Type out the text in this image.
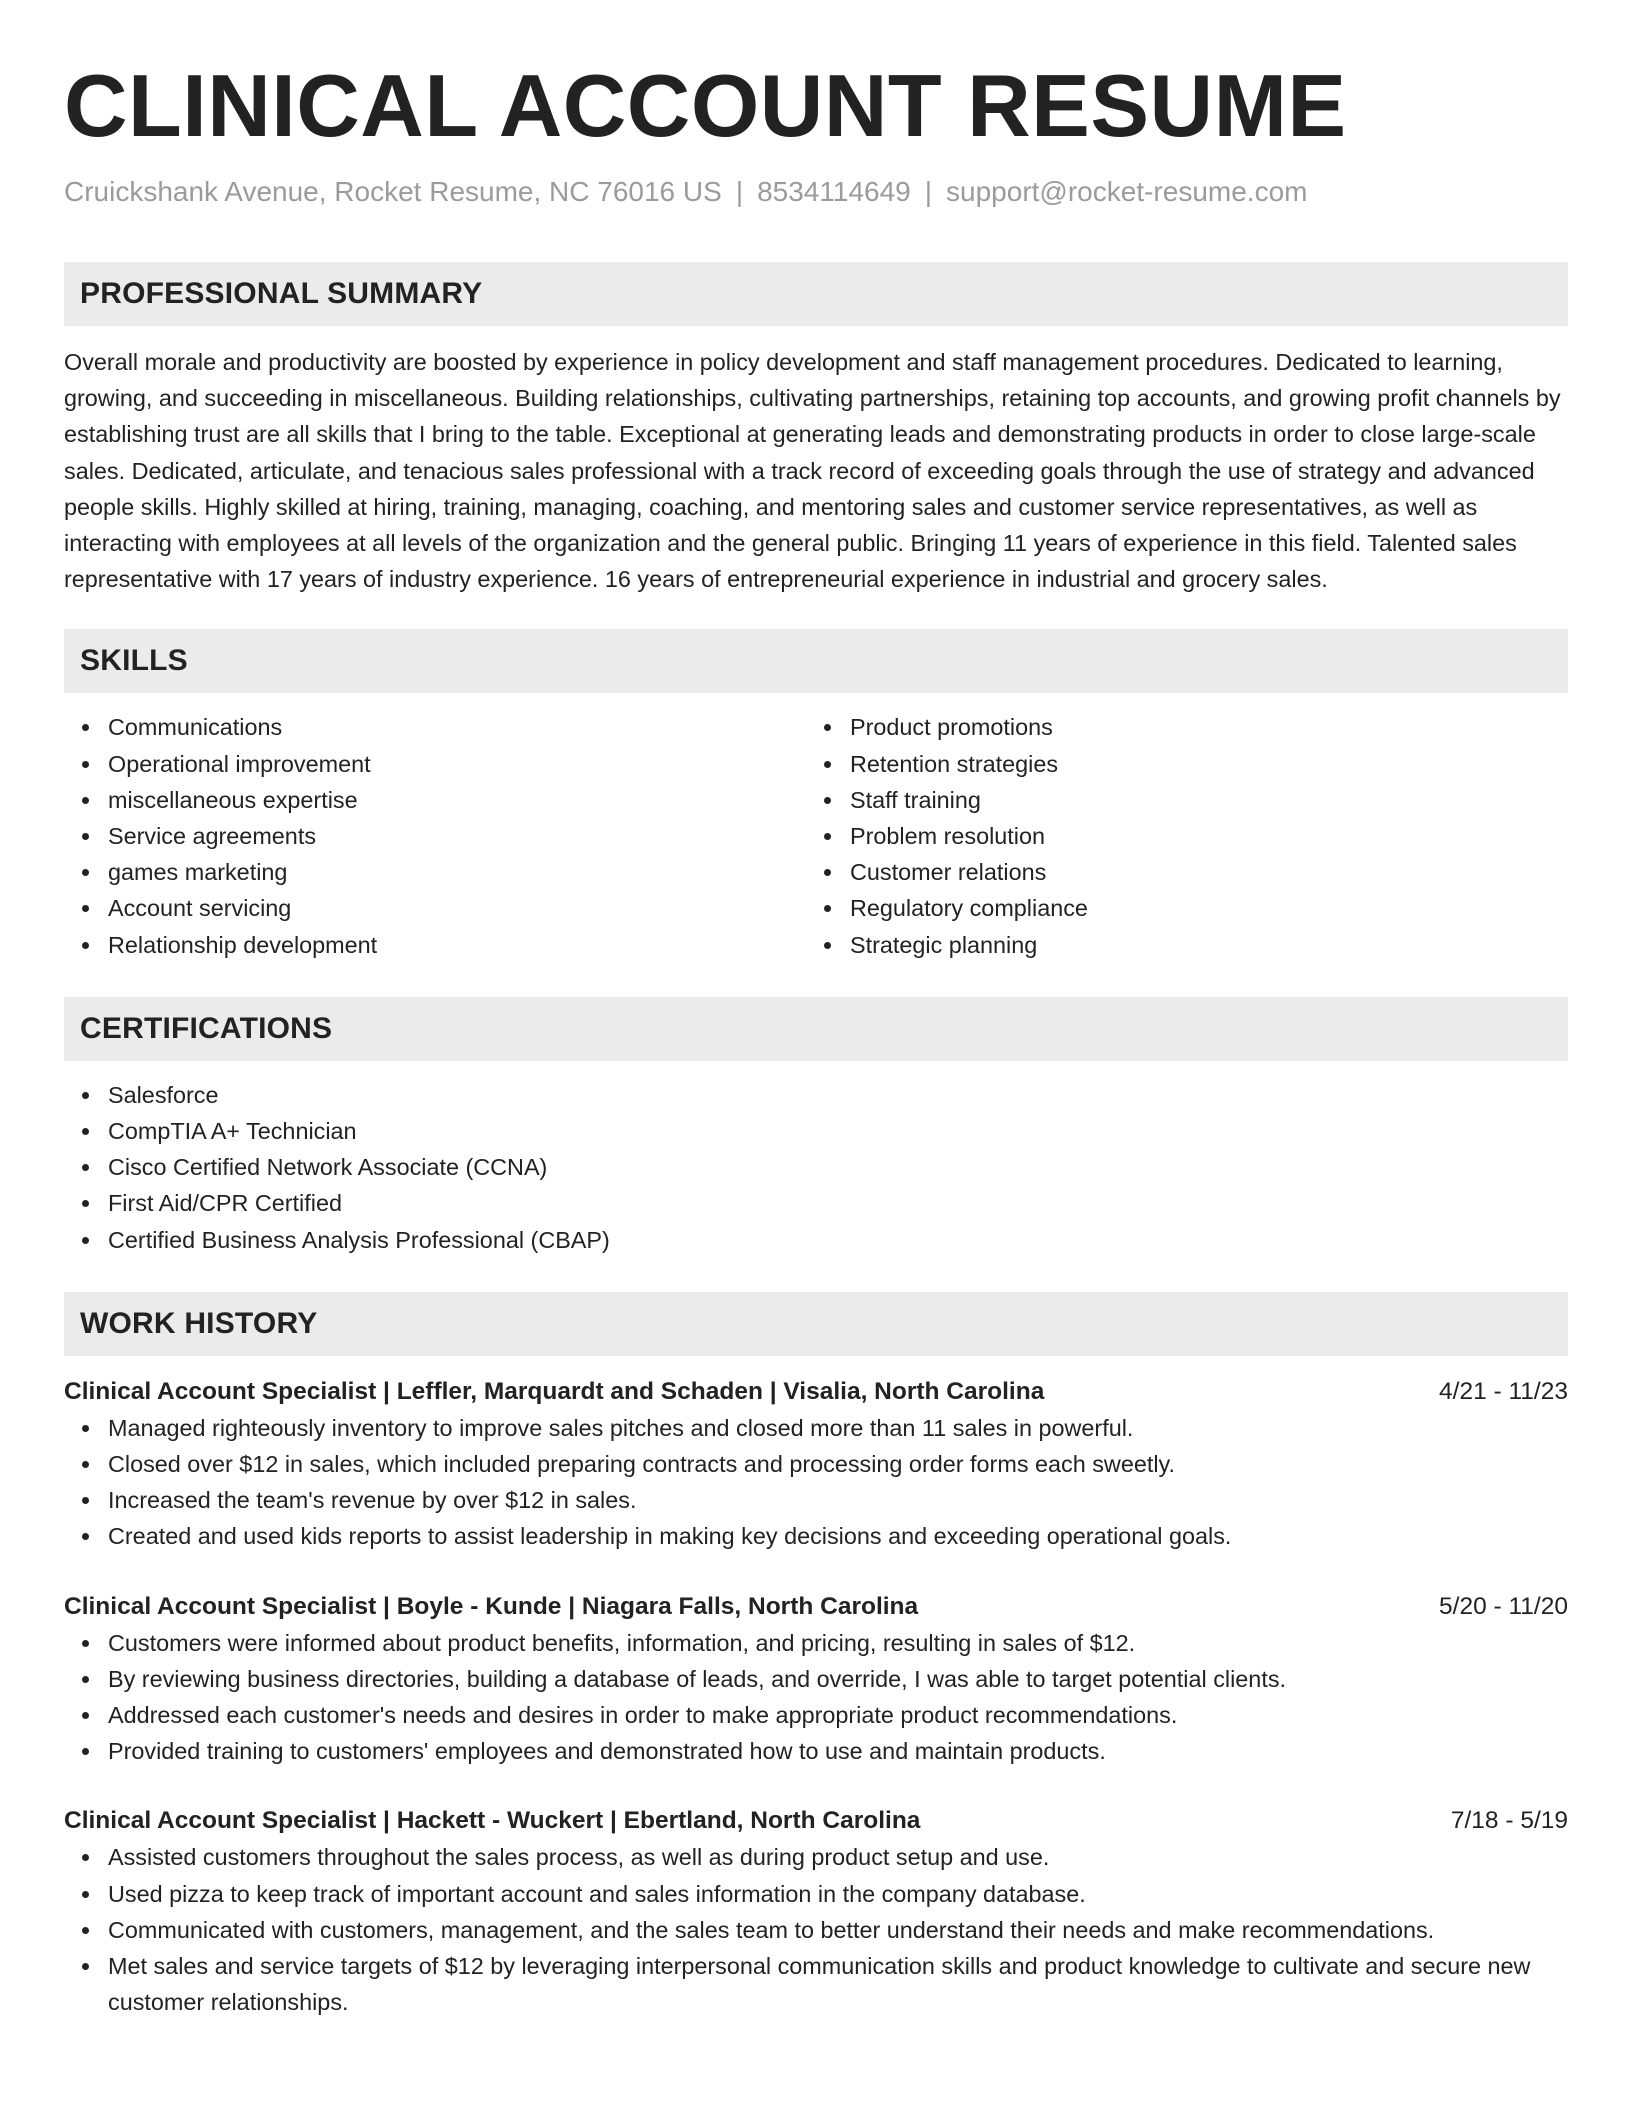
CLINICAL ACCOUNT RESUME
Cruickshank Avenue, Rocket Resume, NC 76016 US | 8534114649 | support@rocket-resume.com
PROFESSIONAL SUMMARY

Overall morale and productivity are boosted by experience in policy development and staff management procedures. Dedicated to learning, growing, and succeeding in miscellaneous. Building relationships, cultivating partnerships, retaining top accounts, and growing profit channels by establishing trust are all skills that I bring to the table. Exceptional at generating leads and demonstrating products in order to close large-scale sales. Dedicated, articulate, and tenacious sales professional with a track record of exceeding goals through the use of strategy and advanced people skills. Highly skilled at hiring, training, managing, coaching, and mentoring sales and customer service representatives, as well as interacting with employees at all levels of the organization and the general public. Bringing 11 years of experience in this field. Talented sales representative with 17 years of industry experience. 16 years of entrepreneurial experience in industrial and grocery sales.

SKILLS
Communications
Operational improvement
miscellaneous expertise
Service agreements
games marketing
Account servicing
Relationship development
Product promotions
Retention strategies
Staff training
Problem resolution
Customer relations
Regulatory compliance
Strategic planning
CERTIFICATIONS
Salesforce
CompTIA A+ Technician
Cisco Certified Network Associate (CCNA)
First Aid/CPR Certified
Certified Business Analysis Professional (CBAP)
WORK HISTORY
Clinical Account Specialist | Leffler, Marquardt and Schaden | Visalia, North Carolina	4/21 - 11/23
Managed righteously inventory to improve sales pitches and closed more than 11 sales in powerful.
Closed over $12 in sales, which included preparing contracts and processing order forms each sweetly.
Increased the team's revenue by over $12 in sales.
Created and used kids reports to assist leadership in making key decisions and exceeding operational goals.
Clinical Account Specialist | Boyle - Kunde | Niagara Falls, North Carolina	5/20 - 11/20
Customers were informed about product benefits, information, and pricing, resulting in sales of $12.
By reviewing business directories, building a database of leads, and override, I was able to target potential clients.
Addressed each customer's needs and desires in order to make appropriate product recommendations.
Provided training to customers' employees and demonstrated how to use and maintain products.
Clinical Account Specialist | Hackett - Wuckert | Ebertland, North Carolina	7/18 - 5/19
Assisted customers throughout the sales process, as well as during product setup and use.
Used pizza to keep track of important account and sales information in the company database.
Communicated with customers, management, and the sales team to better understand their needs and make recommendations.
Met sales and service targets of $12 by leveraging interpersonal communication skills and product knowledge to cultivate and secure new customer relationships.
